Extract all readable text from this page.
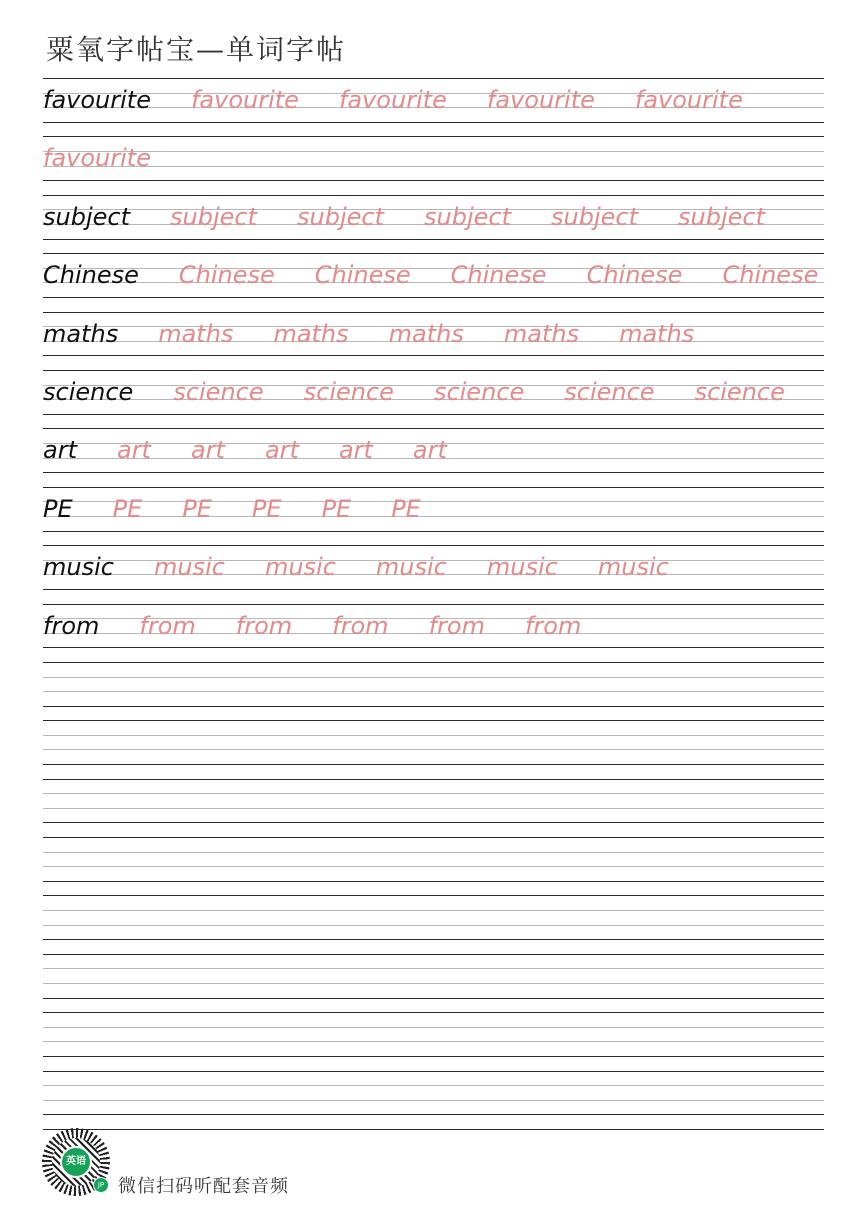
粟氧字帖宝—单词字帖
favourite favourite favourite favourite favourite
favourite
subject subject subject subject subject subject
Chinese Chinese Chinese Chinese Chinese Chinese
maths maths maths maths maths maths
science science science science science science
art art art art art art
PE PE PE PE PE PE
music music music music music music
from from from from from from
英语
JP 微信扫码听配套音频
